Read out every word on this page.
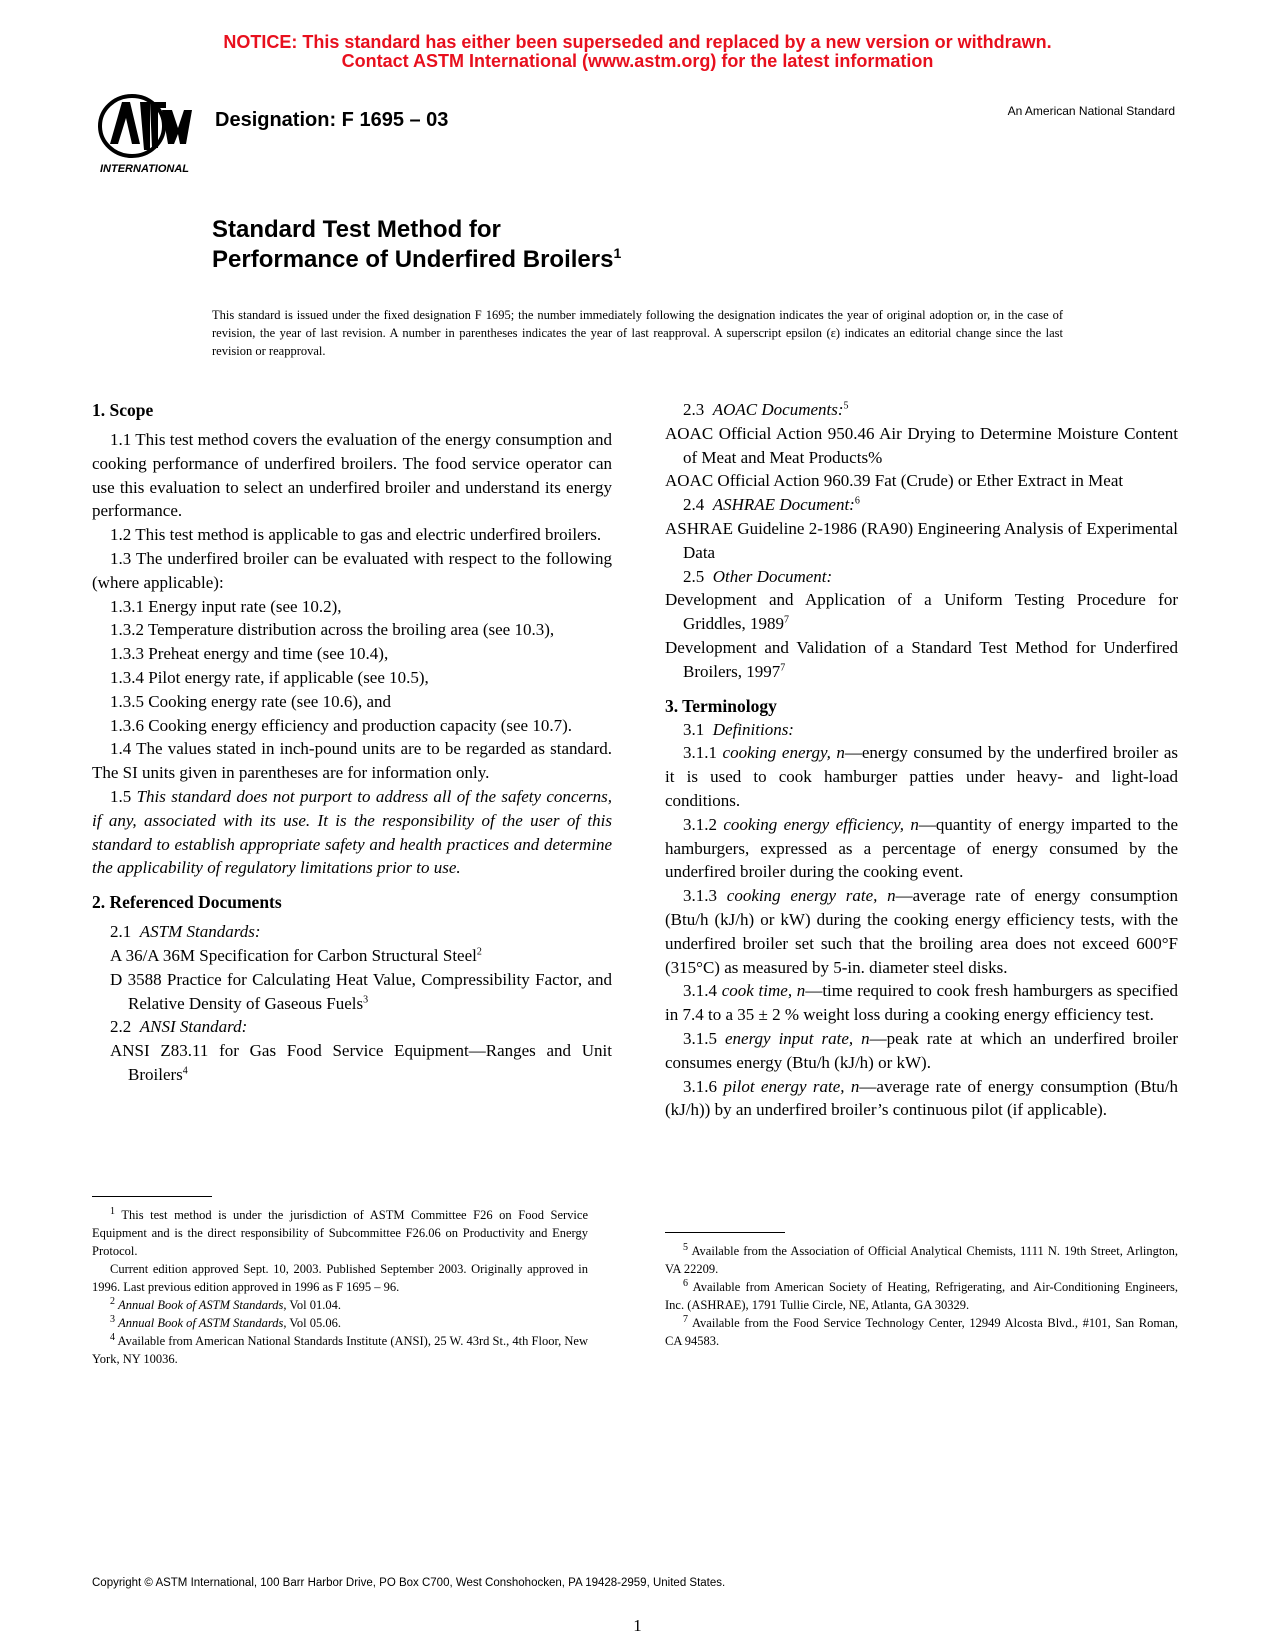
NOTICE: This standard has either been superseded and replaced by a new version or withdrawn.
Contact ASTM International (www.astm.org) for the latest information
INTERNATIONAL
Designation: F 1695 – 03	An American National Standard
Standard Test Method for
Performance of Underfired Broilers$^1$
This standard is issued under the fixed designation F 1695; the number immediately following the designation indicates the year of original adoption or, in the case of revision, the year of last revision. A number in parentheses indicates the year of last reapproval. A superscript epsilon (ε) indicates an editorial change since the last revision or reapproval.
1. Scope

1.1 This test method covers the evaluation of the energy consumption and cooking performance of underfired broilers. The food service operator can use this evaluation to select an underfired broiler and understand its energy performance.

1.2 This test method is applicable to gas and electric underfired broilers.

1.3 The underfired broiler can be evaluated with respect to the following (where applicable):

1.3.1 Energy input rate (see 10.2),

1.3.2 Temperature distribution across the broiling area (see 10.3),

1.3.3 Preheat energy and time (see 10.4),

1.3.4 Pilot energy rate, if applicable (see 10.5),

1.3.5 Cooking energy rate (see 10.6), and

1.3.6 Cooking energy efficiency and production capacity (see 10.7).

1.4 The values stated in inch-pound units are to be regarded as standard. The SI units given in parentheses are for information only.

1.5 This standard does not purport to address all of the safety concerns, if any, associated with its use. It is the responsibility of the user of this standard to establish appropriate safety and health practices and determine the applicability of regulatory limitations prior to use.

2. Referenced Documents

2.1 ASTM Standards:

A 36/A 36M Specification for Carbon Structural Steel$^2$

D 3588 Practice for Calculating Heat Value, Compressibility Factor, and Relative Density of Gaseous Fuels$^3$

2.2 ANSI Standard:

ANSI Z83.11 for Gas Food Service Equipment—Ranges and Unit Broilers$^4$

$^1$ This test method is under the jurisdiction of ASTM Committee F26 on Food Service Equipment and is the direct responsibility of Subcommittee F26.06 on Productivity and Energy Protocol.

Current edition approved Sept. 10, 2003. Published September 2003. Originally approved in 1996. Last previous edition approved in 1996 as F 1695 – 96.

$^2$ Annual Book of ASTM Standards, Vol 01.04.

$^3$ Annual Book of ASTM Standards, Vol 05.06.

$^4$ Available from American National Standards Institute (ANSI), 25 W. 43rd St., 4th Floor, New York, NY 10036.

2.3 AOAC Documents:$^5$

AOAC Official Action 950.46 Air Drying to Determine Moisture Content of Meat and Meat Products%

AOAC Official Action 960.39 Fat (Crude) or Ether Extract in Meat

2.4 ASHRAE Document:$^6$

ASHRAE Guideline 2-1986 (RA90) Engineering Analysis of Experimental Data

2.5 Other Document:

Development and Application of a Uniform Testing Procedure for Griddles, 1989$^7$

Development and Validation of a Standard Test Method for Underfired Broilers, 1997$^7$

3. Terminology

3.1 Definitions:

3.1.1 cooking energy, n—energy consumed by the underfired broiler as it is used to cook hamburger patties under heavy- and light-load conditions.

3.1.2 cooking energy efficiency, n—quantity of energy imparted to the hamburgers, expressed as a percentage of energy consumed by the underfired broiler during the cooking event.

3.1.3 cooking energy rate, n—average rate of energy consumption (Btu/h (kJ/h) or kW) during the cooking energy efficiency tests, with the underfired broiler set such that the broiling area does not exceed 600°F (315°C) as measured by 5-in. diameter steel disks.

3.1.4 cook time, n—time required to cook fresh hamburgers as specified in 7.4 to a 35 ± 2 % weight loss during a cooking energy efficiency test.

3.1.5 energy input rate, n—peak rate at which an underfired broiler consumes energy (Btu/h (kJ/h) or kW).

3.1.6 pilot energy rate, n—average rate of energy consumption (Btu/h (kJ/h)) by an underfired broiler’s continuous pilot (if applicable).

$^5$ Available from the Association of Official Analytical Chemists, 1111 N. 19th Street, Arlington, VA 22209.

$^6$ Available from American Society of Heating, Refrigerating, and Air-Conditioning Engineers, Inc. (ASHRAE), 1791 Tullie Circle, NE, Atlanta, GA 30329.

$^7$ Available from the Food Service Technology Center, 12949 Alcosta Blvd., #101, San Roman, CA 94583.

Copyright © ASTM International, 100 Barr Harbor Drive, PO Box C700, West Conshohocken, PA 19428-2959, United States.
1
